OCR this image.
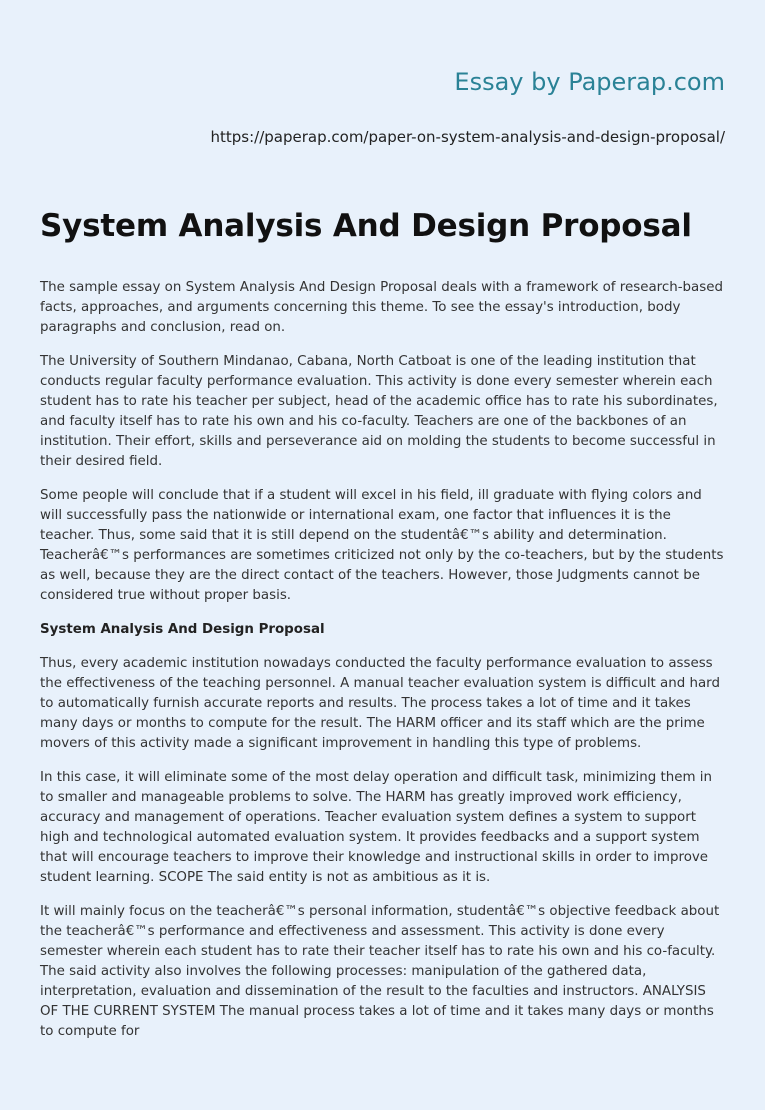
Essay by Paperap.com
https://paperap.com/paper-on-system-analysis-and-design-proposal/
System Analysis And Design Proposal

The sample essay on System Analysis And Design Proposal deals with a framework of research-based facts, approaches, and arguments concerning this theme. To see the essay's introduction, body paragraphs and conclusion, read on.

The University of Southern Mindanao, Cabana, North Catboat is one of the leading institution that conducts regular faculty performance evaluation. This activity is done every semester wherein each student has to rate his teacher per subject, head of the academic office has to rate his subordinates, and faculty itself has to rate his own and his co-faculty. Teachers are one of the backbones of an institution. Their effort, skills and perseverance aid on molding the students to become successful in their desired field.

Some people will conclude that if a student will excel in his field, ill graduate with flying colors and will successfully pass the nationwide or international exam, one factor that influences it is the teacher. Thus, some said that it is still depend on the studentâ€™s ability and determination. Teacherâ€™s performances are sometimes criticized not only by the co-teachers, but by the students as well, because they are the direct contact of the teachers. However, those Judgments cannot be considered true without proper basis.

System Analysis And Design Proposal

Thus, every academic institution nowadays conducted the faculty performance evaluation to assess the effectiveness of the teaching personnel. A manual teacher evaluation system is difficult and hard to automatically furnish accurate reports and results. The process takes a lot of time and it takes many days or months to compute for the result. The HARM officer and its staff which are the prime movers of this activity made a significant improvement in handling this type of problems.

In this case, it will eliminate some of the most delay operation and difficult task, minimizing them in to smaller and manageable problems to solve. The HARM has greatly improved work efficiency, accuracy and management of operations. Teacher evaluation system defines a system to support high and technological automated evaluation system. It provides feedbacks and a support system that will encourage teachers to improve their knowledge and instructional skills in order to improve student learning. SCOPE The said entity is not as ambitious as it is.

It will mainly focus on the teacherâ€™s personal information, studentâ€™s objective feedback about the teacherâ€™s performance and effectiveness and assessment. This activity is done every semester wherein each student has to rate their teacher itself has to rate his own and his co-faculty. The said activity also involves the following processes: manipulation of the gathered data, interpretation, evaluation and dissemination of the result to the faculties and instructors. ANALYSIS OF THE CURRENT SYSTEM The manual process takes a lot of time and it takes many days or months to compute for
